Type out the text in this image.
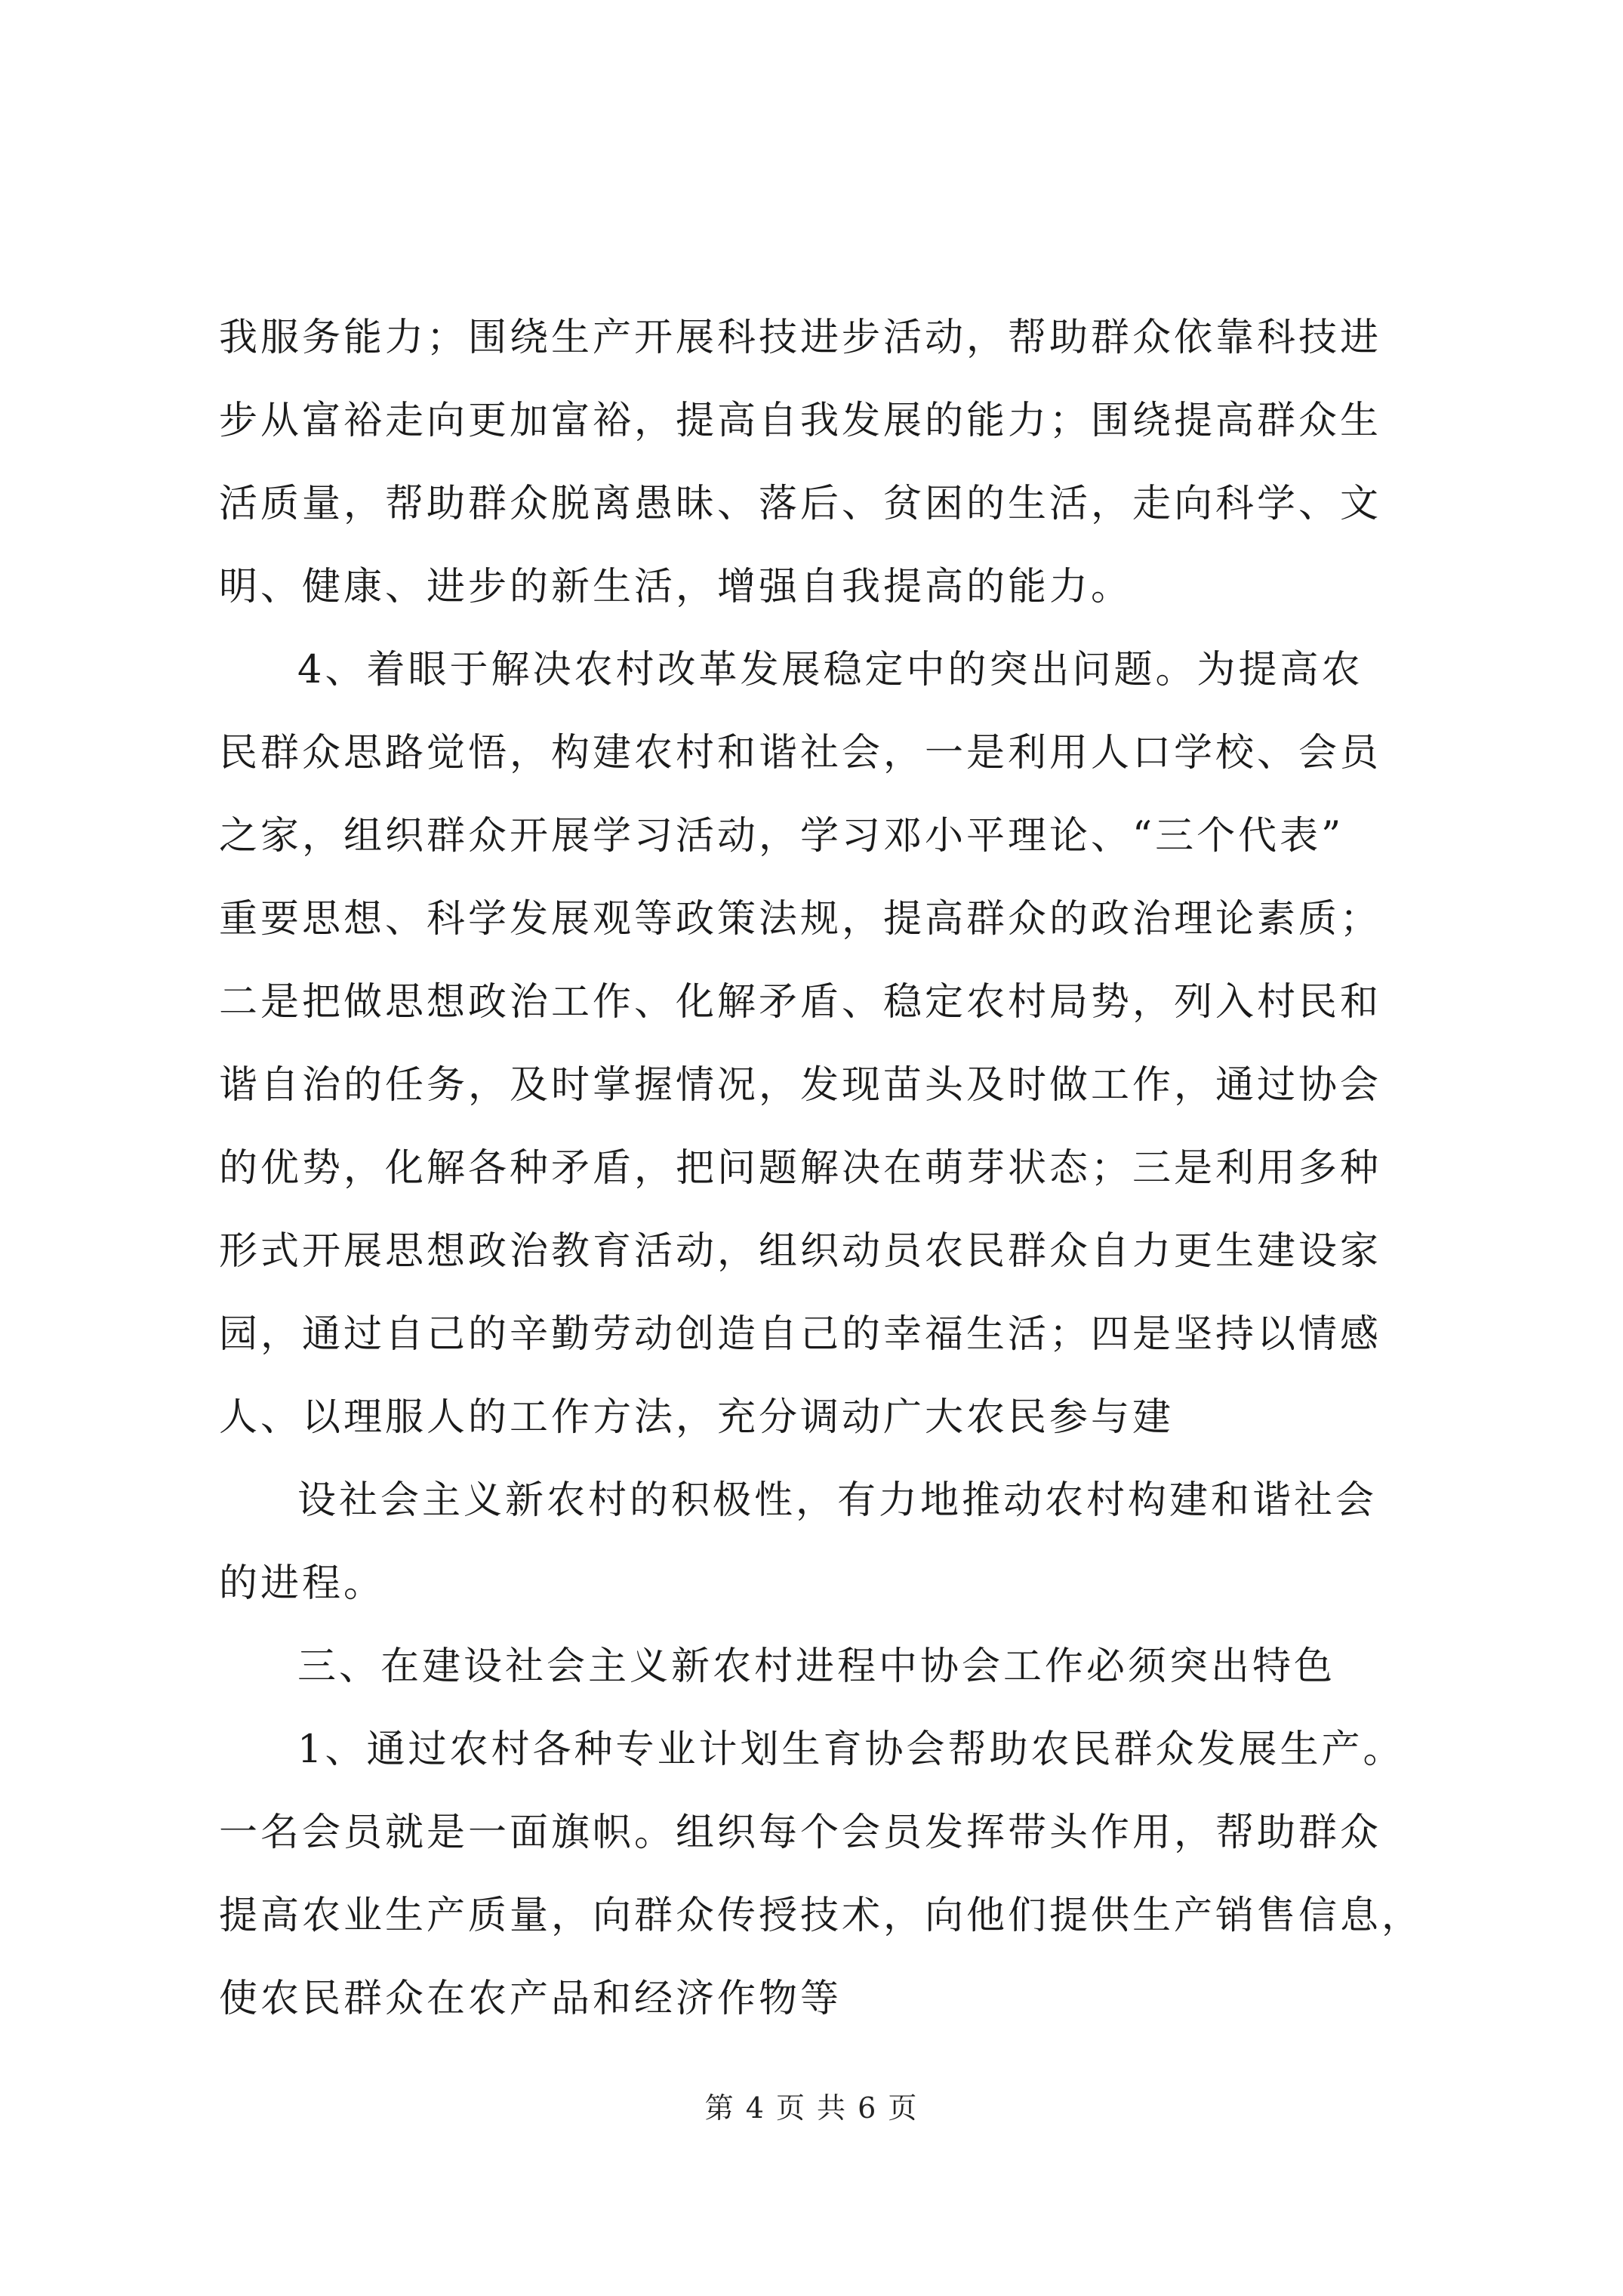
我服务能力；围绕生产开展科技进步活动，帮助群众依靠科技进
步从富裕走向更加富裕，提高自我发展的能力；围绕提高群众生
活质量，帮助群众脱离愚昧、落后、贫困的生活，走向科学、文
明、健康、进步的新生活，增强自我提高的能力。
4、着眼于解决农村改革发展稳定中的突出问题。为提高农
民群众思路觉悟，构建农村和谐社会，一是利用人口学校、会员
之家，组织群众开展学习活动，学习邓小平理论、“三个代表”
重要思想、科学发展观等政策法规，提高群众的政治理论素质；
二是把做思想政治工作、化解矛盾、稳定农村局势，列入村民和
谐自治的任务，及时掌握情况，发现苗头及时做工作，通过协会
的优势，化解各种矛盾，把问题解决在萌芽状态；三是利用多种
形式开展思想政治教育活动，组织动员农民群众自力更生建设家
园，通过自己的辛勤劳动创造自己的幸福生活；四是坚持以情感
人、以理服人的工作方法，充分调动广大农民参与建
设社会主义新农村的积极性，有力地推动农村构建和谐社会
的进程。
三、在建设社会主义新农村进程中协会工作必须突出特色
1、通过农村各种专业计划生育协会帮助农民群众发展生产。
一名会员就是一面旗帜。组织每个会员发挥带头作用，帮助群众
提高农业生产质量，向群众传授技术，向他们提供生产销售信息，
使农民群众在农产品和经济作物等
第 4 页 共 6 页
